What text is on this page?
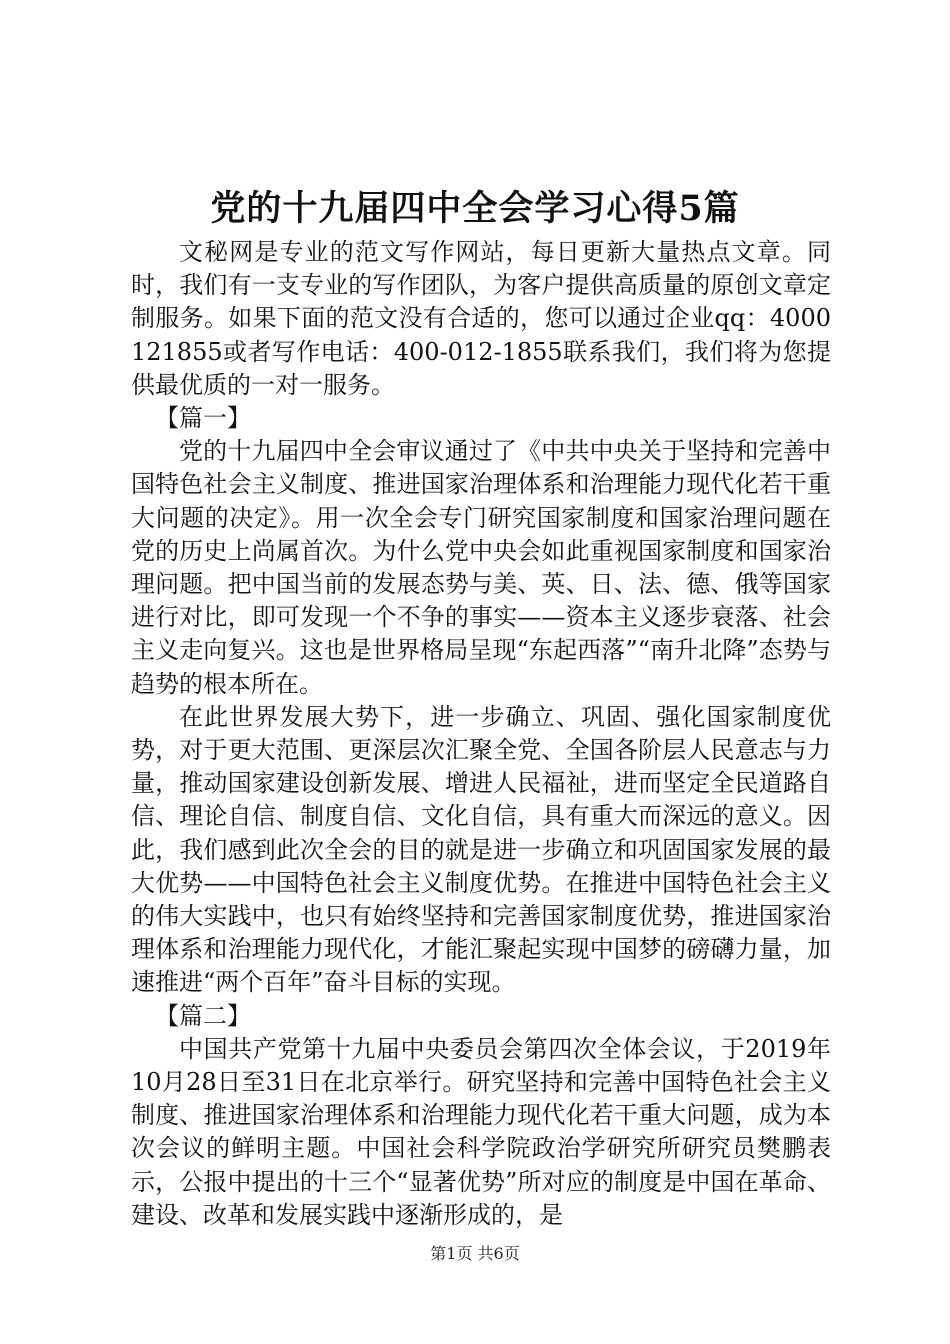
党的十九届四中全会学习心得5篇

文秘网是专业的范文写作网站，每日更新大量热点文章。同时，我们有一支专业的写作团队，为客户提供高质量的原创文章定制服务。如果下面的范文没有合适的，您可以通过企业qq：4000121855或者写作电话：400-012-1855联系我们，我们将为您提供最优质的一对一服务。

【篇一】

党的十九届四中全会审议通过了《中共中央关于坚持和完善中国特色社会主义制度、推进国家治理体系和治理能力现代化若干重大问题的决定》。用一次全会专门研究国家制度和国家治理问题在党的历史上尚属首次。为什么党中央会如此重视国家制度和国家治理问题。把中国当前的发展态势与美、英、日、法、德、俄等国家进行对比，即可发现一个不争的事实——资本主义逐步衰落、社会主义走向复兴。这也是世界格局呈现“东起西落”“南升北降”态势与趋势的根本所在。

在此世界发展大势下，进一步确立、巩固、强化国家制度优势，对于更大范围、更深层次汇聚全党、全国各阶层人民意志与力量，推动国家建设创新发展、增进人民福祉，进而坚定全民道路自信、理论自信、制度自信、文化自信，具有重大而深远的意义。因此，我们感到此次全会的目的就是进一步确立和巩固国家发展的最大优势——中国特色社会主义制度优势。在推进中国特色社会主义的伟大实践中，也只有始终坚持和完善国家制度优势，推进国家治理体系和治理能力现代化，才能汇聚起实现中国梦的磅礴力量，加速推进“两个百年”奋斗目标的实现。

【篇二】

中国共产党第十九届中央委员会第四次全体会议，于2019年10月28日至31日在北京举行。研究坚持和完善中国特色社会主义制度、推进国家治理体系和治理能力现代化若干重大问题，成为本次会议的鲜明主题。中国社会科学院政治学研究所研究员樊鹏表示，公报中提出的十三个“显著优势”所对应的制度是中国在革命、建设、改革和发展实践中逐渐形成的，是

第1页 共6页
